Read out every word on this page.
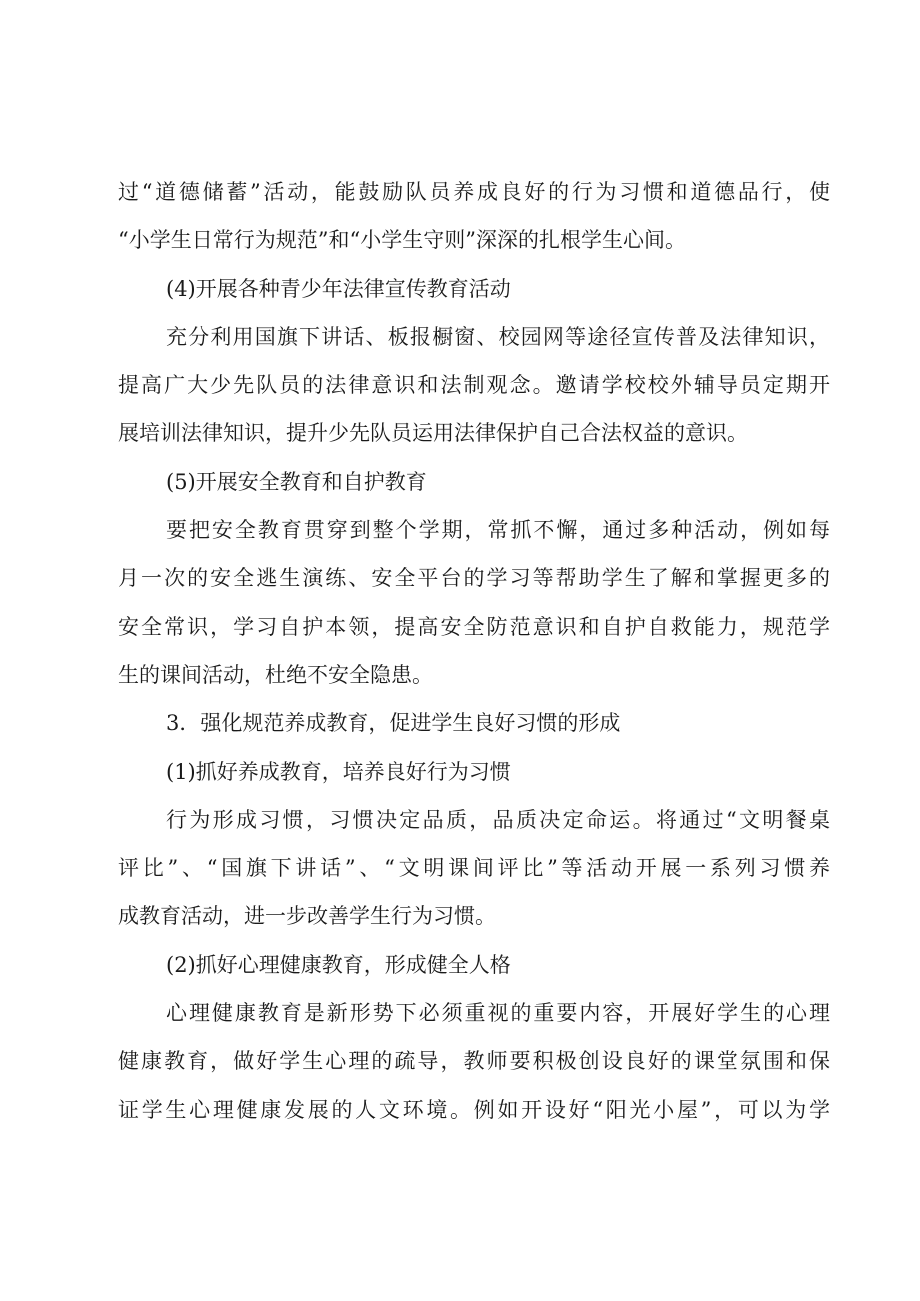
过“道德储蓄”活动，能鼓励队员养成良好的行为习惯和道德品行，使
“小学生日常行为规范”和“小学生守则”深深的扎根学生心间。
(4)开展各种青少年法律宣传教育活动
充分利用国旗下讲话、板报橱窗、校园网等途径宣传普及法律知识，
提高广大少先队员的法律意识和法制观念。邀请学校校外辅导员定期开
展培训法律知识，提升少先队员运用法律保护自己合法权益的意识。
(5)开展安全教育和自护教育
要把安全教育贯穿到整个学期，常抓不懈，通过多种活动，例如每
月一次的安全逃生演练、安全平台的学习等帮助学生了解和掌握更多的
安全常识，学习自护本领，提高安全防范意识和自护自救能力，规范学
生的课间活动，杜绝不安全隐患。
3．强化规范养成教育，促进学生良好习惯的形成
(1)抓好养成教育，培养良好行为习惯
行为形成习惯，习惯决定品质，品质决定命运。将通过“文明餐桌
评比”、“国旗下讲话”、“文明课间评比”等活动开展一系列习惯养
成教育活动，进一步改善学生行为习惯。
(2)抓好心理健康教育，形成健全人格
心理健康教育是新形势下必须重视的重要内容，开展好学生的心理
健康教育，做好学生心理的疏导，教师要积极创设良好的课堂氛围和保
证学生心理健康发展的人文环境。例如开设好“阳光小屋”，可以为学
